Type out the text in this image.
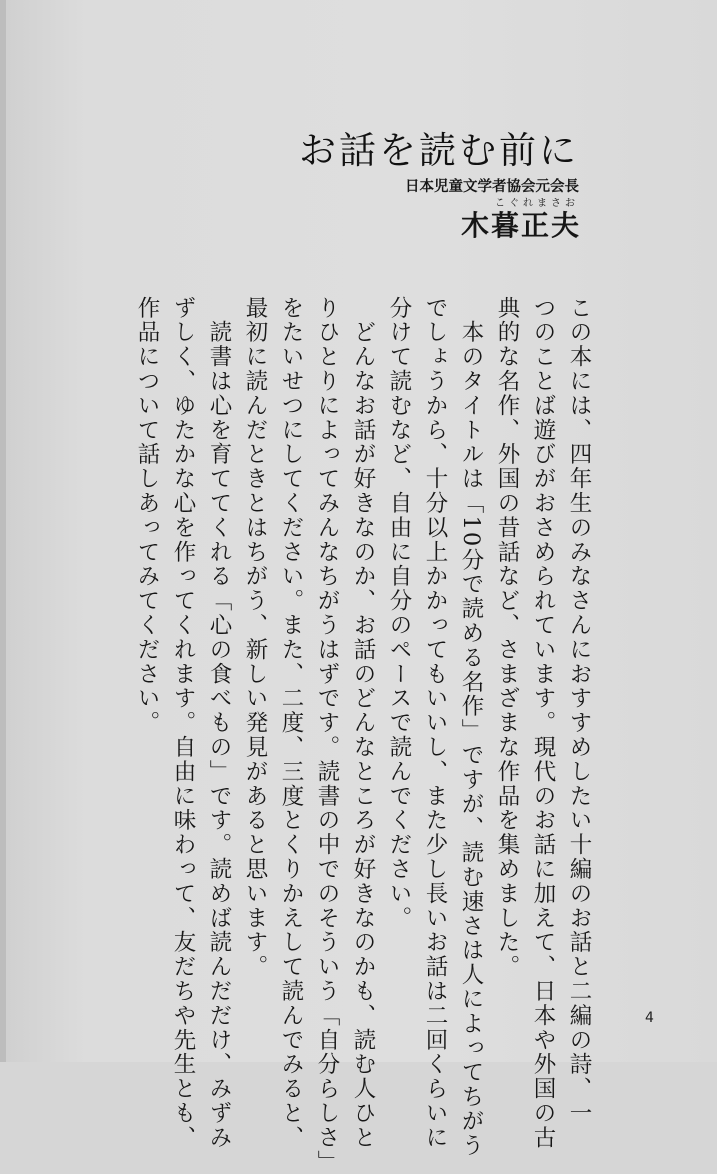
お話を読む前に
日本児童文学者協会元会長
こぐれまさお
木暮正夫
この本には、四年生のみなさんにおすすめしたい十編のお話と二編の詩、一
つのことば遊びがおさめられています。現代のお話に加えて、日本や外国の古
典的な名作、外国の昔話など、さまざまな作品を集めました。
　本のタイトルは「10分で読める名作」ですが、読む速さは人によってちがう
でしょうから、十分以上かかってもいいし、また少し長いお話は二回くらいに
分けて読むなど、自由に自分のペースで読んでください。
　どんなお話が好きなのか、お話のどんなところが好きなのかも、読む人ひと
りひとりによってみんなちがうはずです。読書の中でのそういう「自分らしさ」
をたいせつにしてください。また、二度、三度とくりかえして読んでみると、
最初に読んだときとはちがう、新しい発見があると思います。
　読書は心を育ててくれる「心の食べもの」です。読めば読んだだけ、みずみ
ずしく、ゆたかな心を作ってくれます。自由に味わって、友だちや先生とも、
作品について話しあってみてください。
4
